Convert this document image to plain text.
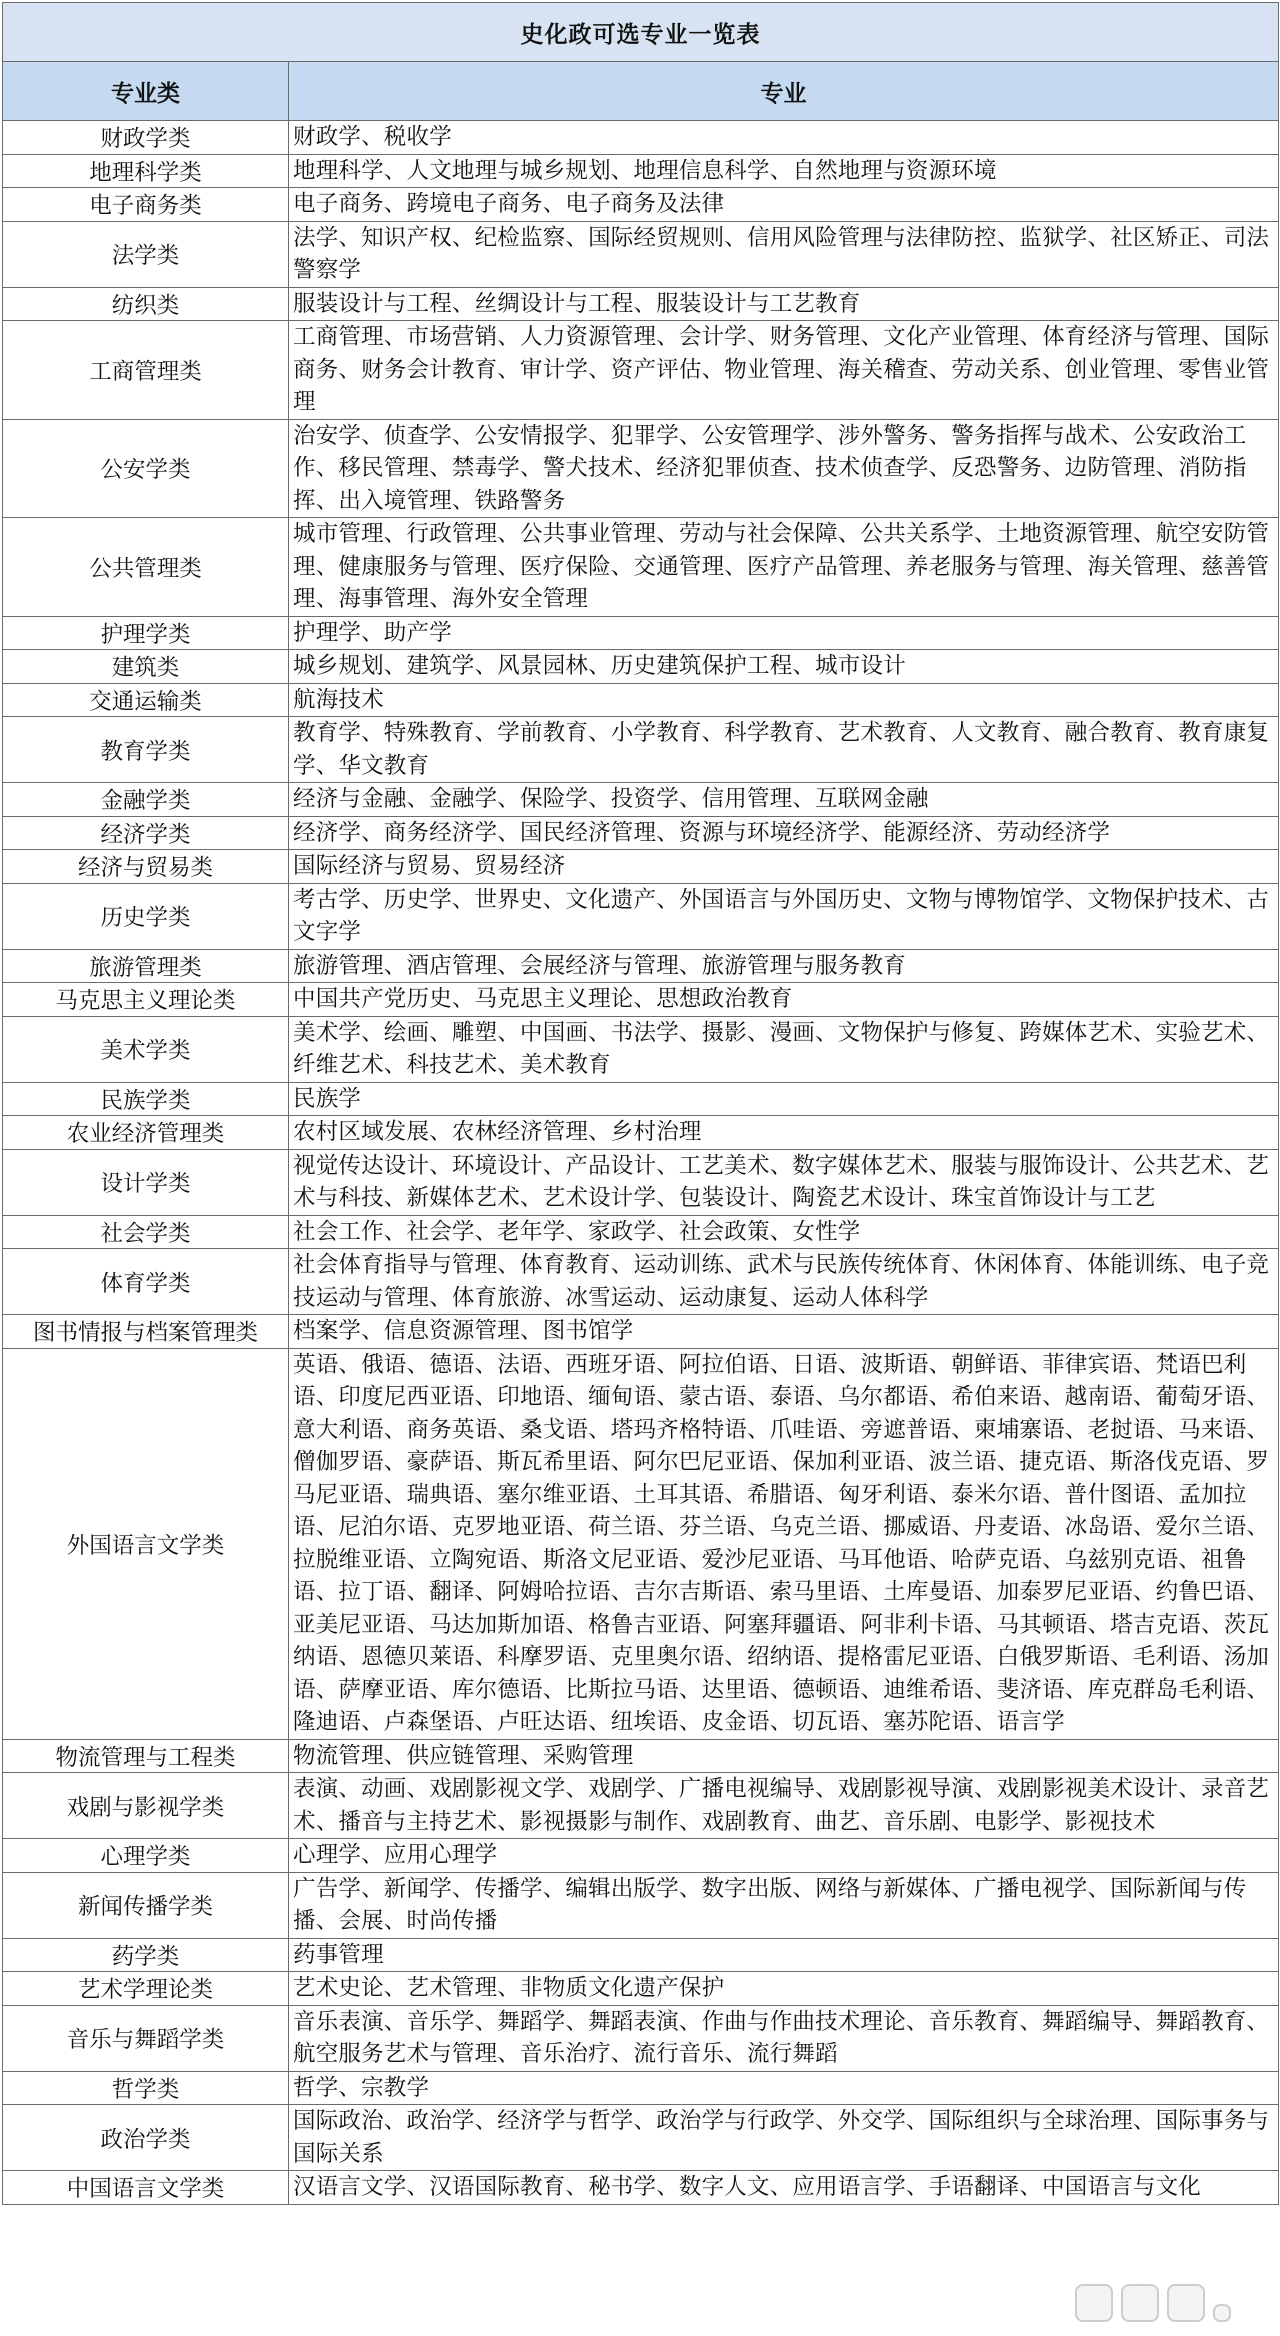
史化政可选专业一览表	
专业类	专业
财政学类	财政学、税收学
地理科学类	地理科学、人文地理与城乡规划、地理信息科学、自然地理与资源环境
电子商务类	电子商务、跨境电子商务、电子商务及法律
法学类	法学、知识产权、纪检监察、国际经贸规则、信用风险管理与法律防控、监狱学、社区矫正、司法警察学
纺织类	服装设计与工程、丝绸设计与工程、服装设计与工艺教育
工商管理类	工商管理、市场营销、人力资源管理、会计学、财务管理、文化产业管理、体育经济与管理、国际商务、财务会计教育、审计学、资产评估、物业管理、海关稽查、劳动关系、创业管理、零售业管理
公安学类	治安学、侦查学、公安情报学、犯罪学、公安管理学、涉外警务、警务指挥与战术、公安政治工作、移民管理、禁毒学、警犬技术、经济犯罪侦查、技术侦查学、反恐警务、边防管理、消防指挥、出入境管理、铁路警务
公共管理类	城市管理、行政管理、公共事业管理、劳动与社会保障、公共关系学、土地资源管理、航空安防管理、健康服务与管理、医疗保险、交通管理、医疗产品管理、养老服务与管理、海关管理、慈善管理、海事管理、海外安全管理
护理学类	护理学、助产学
建筑类	城乡规划、建筑学、风景园林、历史建筑保护工程、城市设计
交通运输类	航海技术
教育学类	教育学、特殊教育、学前教育、小学教育、科学教育、艺术教育、人文教育、融合教育、教育康复学、华文教育
金融学类	经济与金融、金融学、保险学、投资学、信用管理、互联网金融
经济学类	经济学、商务经济学、国民经济管理、资源与环境经济学、能源经济、劳动经济学
经济与贸易类	国际经济与贸易、贸易经济
历史学类	考古学、历史学、世界史、文化遗产、外国语言与外国历史、文物与博物馆学、文物保护技术、古文字学
旅游管理类	旅游管理、酒店管理、会展经济与管理、旅游管理与服务教育
马克思主义理论类	中国共产党历史、马克思主义理论、思想政治教育
美术学类	美术学、绘画、雕塑、中国画、书法学、摄影、漫画、文物保护与修复、跨媒体艺术、实验艺术、纤维艺术、科技艺术、美术教育
民族学类	民族学
农业经济管理类	农村区域发展、农林经济管理、乡村治理
设计学类	视觉传达设计、环境设计、产品设计、工艺美术、数字媒体艺术、服装与服饰设计、公共艺术、艺术与科技、新媒体艺术、艺术设计学、包装设计、陶瓷艺术设计、珠宝首饰设计与工艺
社会学类	社会工作、社会学、老年学、家政学、社会政策、女性学
体育学类	社会体育指导与管理、体育教育、运动训练、武术与民族传统体育、休闲体育、体能训练、电子竞技运动与管理、体育旅游、冰雪运动、运动康复、运动人体科学
图书情报与档案管理类	档案学、信息资源管理、图书馆学
外国语言文学类	英语、俄语、德语、法语、西班牙语、阿拉伯语、日语、波斯语、朝鲜语、菲律宾语、梵语巴利语、印度尼西亚语、印地语、缅甸语、蒙古语、泰语、乌尔都语、希伯来语、越南语、葡萄牙语、意大利语、商务英语、桑戈语、塔玛齐格特语、爪哇语、旁遮普语、柬埔寨语、老挝语、马来语、僧伽罗语、豪萨语、斯瓦希里语、阿尔巴尼亚语、保加利亚语、波兰语、捷克语、斯洛伐克语、罗马尼亚语、瑞典语、塞尔维亚语、土耳其语、希腊语、匈牙利语、泰米尔语、普什图语、孟加拉语、尼泊尔语、克罗地亚语、荷兰语、芬兰语、乌克兰语、挪威语、丹麦语、冰岛语、爱尔兰语、拉脱维亚语、立陶宛语、斯洛文尼亚语、爱沙尼亚语、马耳他语、哈萨克语、乌兹别克语、祖鲁语、拉丁语、翻译、阿姆哈拉语、吉尔吉斯语、索马里语、土库曼语、加泰罗尼亚语、约鲁巴语、亚美尼亚语、马达加斯加语、格鲁吉亚语、阿塞拜疆语、阿非利卡语、马其顿语、塔吉克语、茨瓦纳语、恩德贝莱语、科摩罗语、克里奥尔语、绍纳语、提格雷尼亚语、白俄罗斯语、毛利语、汤加语、萨摩亚语、库尔德语、比斯拉马语、达里语、德顿语、迪维希语、斐济语、库克群岛毛利语、隆迪语、卢森堡语、卢旺达语、纽埃语、皮金语、切瓦语、塞苏陀语、语言学
物流管理与工程类	物流管理、供应链管理、采购管理
戏剧与影视学类	表演、动画、戏剧影视文学、戏剧学、广播电视编导、戏剧影视导演、戏剧影视美术设计、录音艺术、播音与主持艺术、影视摄影与制作、戏剧教育、曲艺、音乐剧、电影学、影视技术
心理学类	心理学、应用心理学
新闻传播学类	广告学、新闻学、传播学、编辑出版学、数字出版、网络与新媒体、广播电视学、国际新闻与传播、会展、时尚传播
药学类	药事管理
艺术学理论类	艺术史论、艺术管理、非物质文化遗产保护
音乐与舞蹈学类	音乐表演、音乐学、舞蹈学、舞蹈表演、作曲与作曲技术理论、音乐教育、舞蹈编导、舞蹈教育、航空服务艺术与管理、音乐治疗、流行音乐、流行舞蹈
哲学类	哲学、宗教学
政治学类	国际政治、政治学、经济学与哲学、政治学与行政学、外交学、国际组织与全球治理、国际事务与国际关系
中国语言文学类	汉语言文学、汉语国际教育、秘书学、数字人文、应用语言学、手语翻译、中国语言与文化
